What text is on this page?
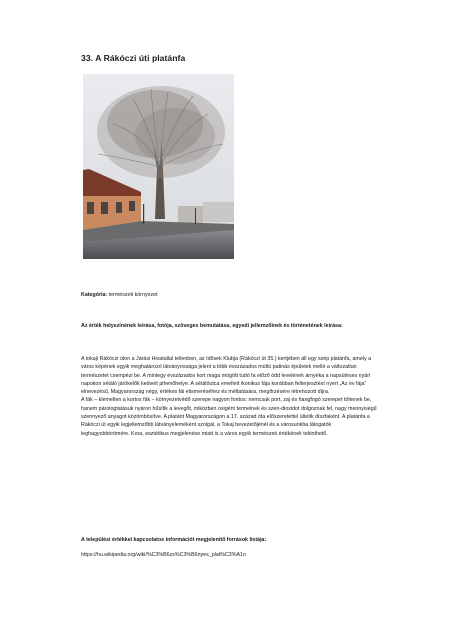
33. A Rákóczi úti platánfa
Kategória: természeti környezet
Az érték helyszínének leírása, fotója, szöveges bemutatása, egyedi jellemzőinek és történetének leírása:

A tokaji Rákóczi úton a Járási Hivatallal tellenben, az Idősek Klubja (Rákóczi út 35.) kertjében áll egy szép platánfa, amely a város képének egyik meghatározó látványossága jelent a több évszázados múltú patinás épületek mellé a változatlan természetet csempézi be. A mintegy évszázados kort maga mögött tudó fa előző ódd levelének árnyéka a napsütéses nyári napokon sétáló járókelők kedvelt pihenőhelye. A sétálóutca emellett ikonikus fája korábban felterjesztést nyert „Az év fája” elnevezésű, Magyarország négy, értékes fái elismeréséhez és méltatására, megőrzésére létrehozott díjra.

A fák – klemelten a kortos fák – környezetvédő szerepe nagyon fontos: nemcsak port, zaj és hangfogó szerepet töltenek be, hanem párologtatásuk nyáron hűsítik a levegőt, miközben oxigént termelnek és szén-dioxidot dolgoznak fel, nagy mennyiségű szennyező anyagot közömbösítve. A platánt Magyarországon a 17. század óta előszeretettel ültetik díszfaként. A platánfa a Rákóczi út egyik legjellemzőbb látványeleméként szolgál, a Tokaj bevezetőjénél és a városunkba látogatók leghagyobbörömére. Kora, esztétikus megjelenése miatt is a város egyik természeti értékének tekinthető.

A települési értékkel kapcsolatos információt megjelenítő források listája:
https://hu.wikipedia.org/wiki/%C3%B6zs%C3%B6nyes_plat%C3%A1n
